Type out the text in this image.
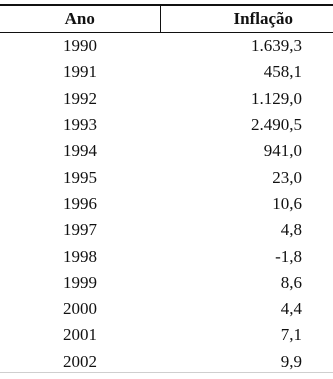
Ano	Inflação
1990	1.639,3
1991	458,1
1992	1.129,0
1993	2.490,5
1994	941,0
1995	23,0
1996	10,6
1997	4,8
1998	-1,8
1999	8,6
2000	4,4
2001	7,1
2002	9,9
